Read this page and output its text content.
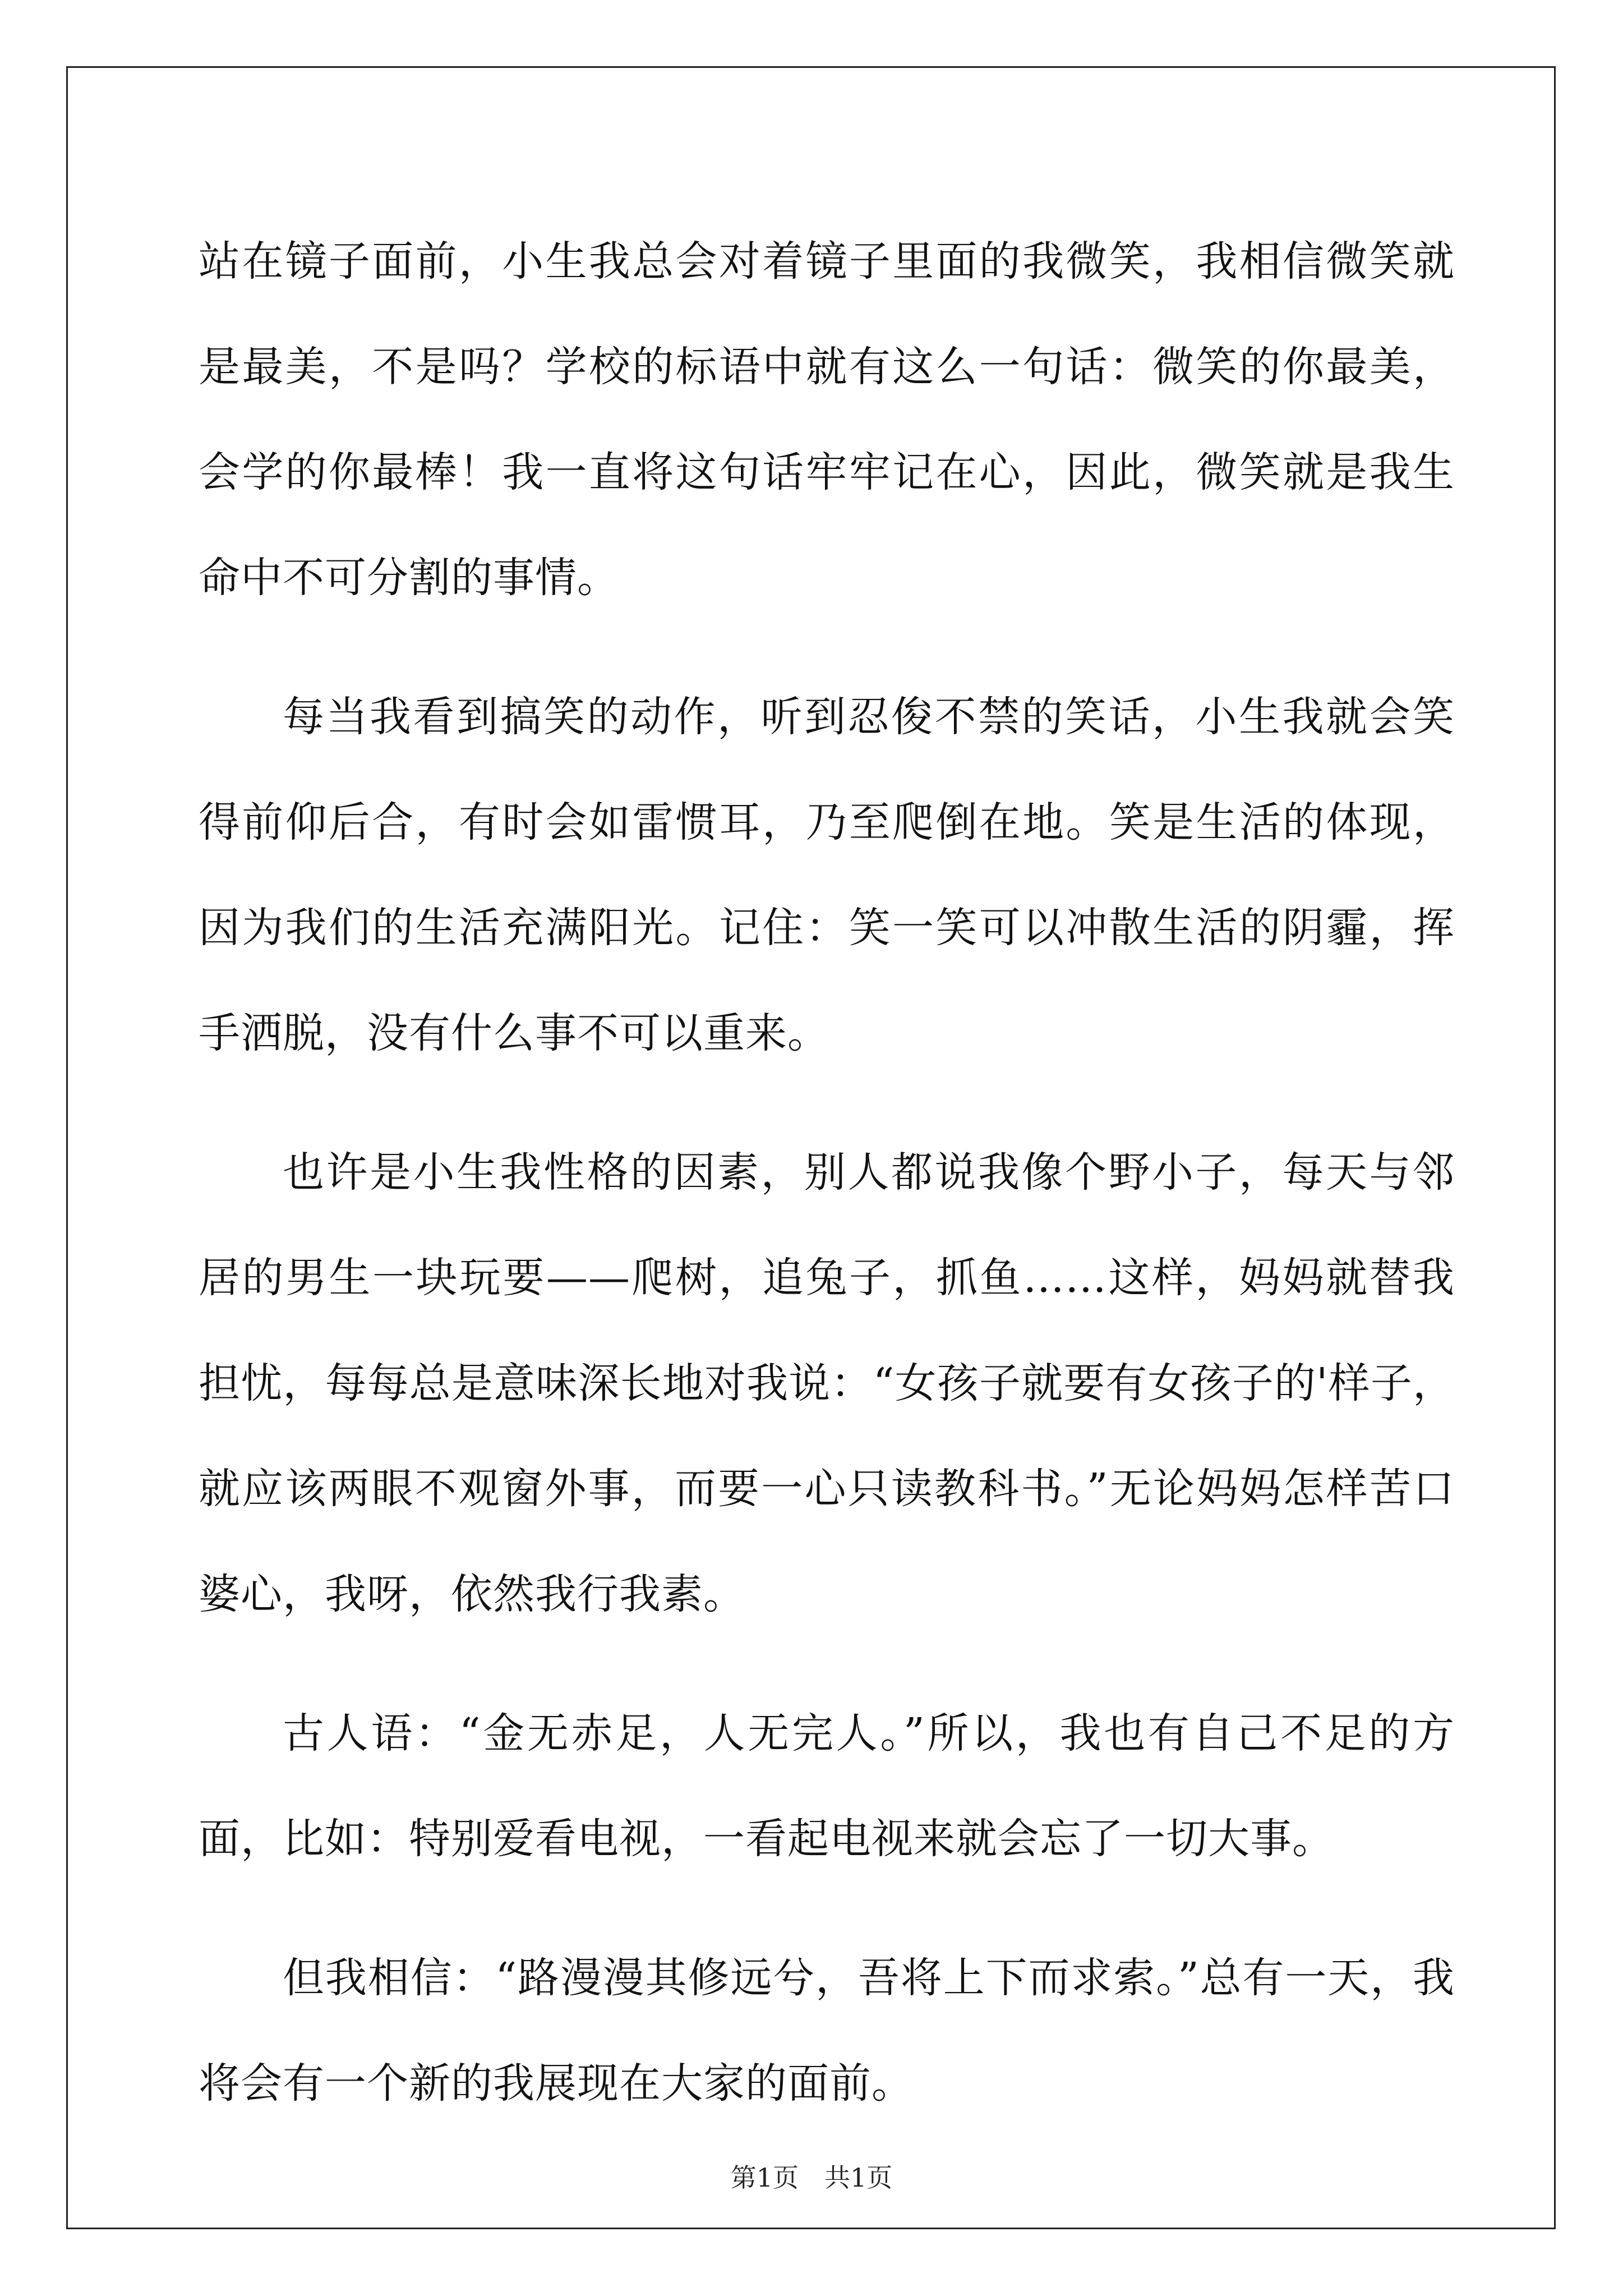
站在镜子面前，小生我总会对着镜子里面的我微笑，我相信微笑就是最美，不是吗？学校的标语中就有这么一句话：微笑的你最美，会学的你最棒！我一直将这句话牢牢记在心，因此，微笑就是我生命中不可分割的事情。

每当我看到搞笑的动作，听到忍俊不禁的笑话，小生我就会笑得前仰后合，有时会如雷惯耳，乃至爬倒在地。笑是生活的体现，因为我们的生活充满阳光。记住：笑一笑可以冲散生活的阴霾，挥手洒脱，没有什么事不可以重来。

也许是小生我性格的因素，别人都说我像个野小子，每天与邻居的男生一块玩要——爬树，追兔子，抓鱼……这样，妈妈就替我担忧，每每总是意味深长地对我说：“女孩子就要有女孩子的'样子，就应该两眼不观窗外事，而要一心只读教科书。”无论妈妈怎样苦口婆心，我呀，依然我行我素。

古人语：“金无赤足，人无完人。”所以，我也有自己不足的方面，比如：特别爱看电视，一看起电视来就会忘了一切大事。

但我相信：“路漫漫其修远兮，吾将上下而求索。”总有一天，我将会有一个新的我展现在大家的面前。

第1页　共1页
